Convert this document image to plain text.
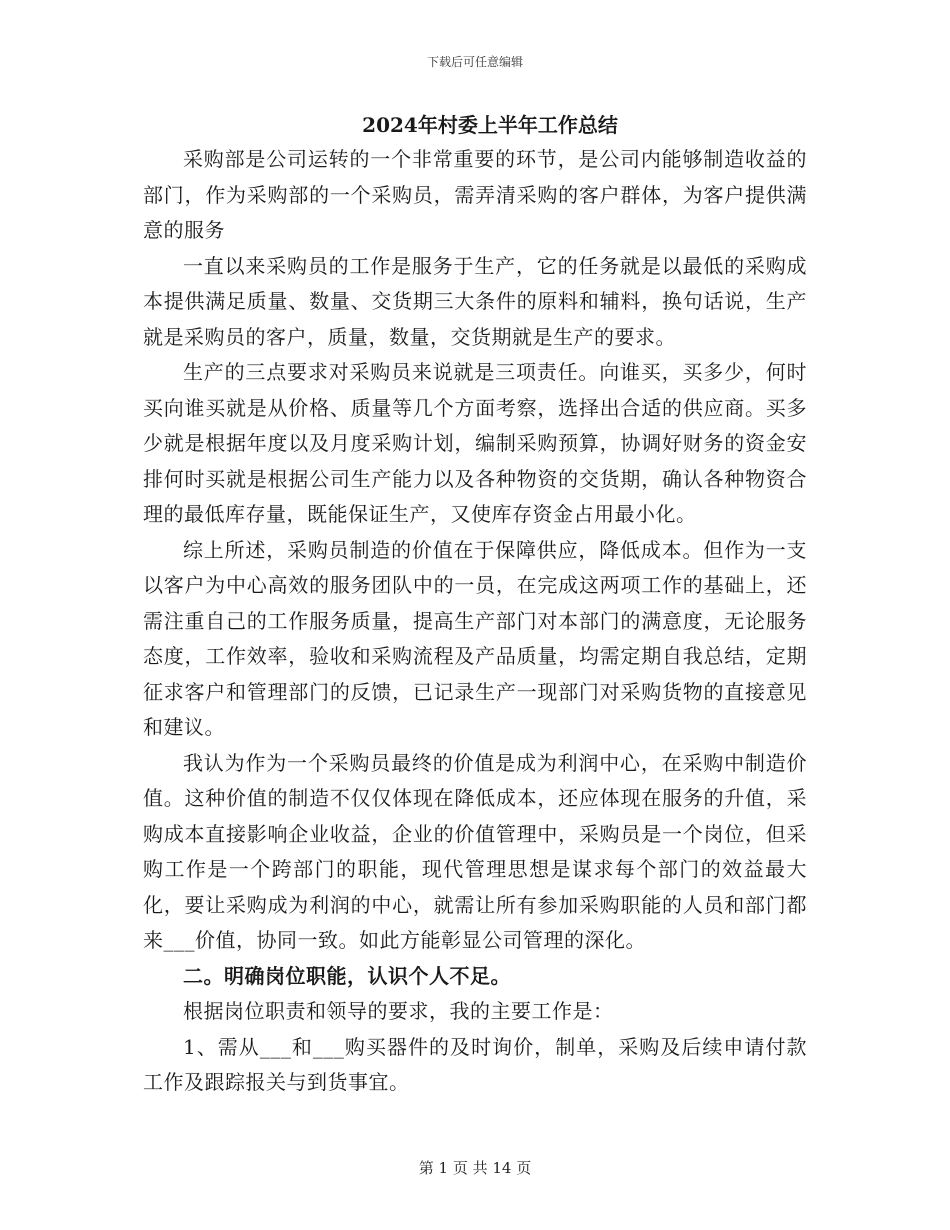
下载后可任意编辑
2024年村委上半年工作总结

采购部是公司运转的一个非常重要的环节，是公司内能够制造收益的部门，作为采购部的一个采购员，需弄清采购的客户群体，为客户提供满意的服务

一直以来采购员的工作是服务于生产，它的任务就是以最低的采购成本提供满足质量、数量、交货期三大条件的原料和辅料，换句话说，生产就是采购员的客户，质量，数量，交货期就是生产的要求。

生产的三点要求对采购员来说就是三项责任。向谁买，买多少，何时买向谁买就是从价格、质量等几个方面考察，选择出合适的供应商。买多少就是根据年度以及月度采购计划，编制采购预算，协调好财务的资金安排何时买就是根据公司生产能力以及各种物资的交货期，确认各种物资合理的最低库存量，既能保证生产，又使库存资金占用最小化。

综上所述，采购员制造的价值在于保障供应，降低成本。但作为一支以客户为中心高效的服务团队中的一员，在完成这两项工作的基础上，还需注重自己的工作服务质量，提高生产部门对本部门的满意度，无论服务态度，工作效率，验收和采购流程及产品质量，均需定期自我总结，定期征求客户和管理部门的反馈，已记录生产一现部门对采购货物的直接意见和建议。

我认为作为一个采购员最终的价值是成为利润中心，在采购中制造价值。这种价值的制造不仅仅体现在降低成本，还应体现在服务的升值，采购成本直接影响企业收益，企业的价值管理中，采购员是一个岗位，但采购工作是一个跨部门的职能，现代管理思想是谋求每个部门的效益最大化，要让采购成为利润的中心，就需让所有参加采购职能的人员和部门都来___价值，协同一致。如此方能彰显公司管理的深化。

二。明确岗位职能，认识个人不足。

根据岗位职责和领导的要求，我的主要工作是：

1、需从___和___购买器件的及时询价，制单，采购及后续申请付款工作及跟踪报关与到货事宜。

第 1 页 共 14 页
